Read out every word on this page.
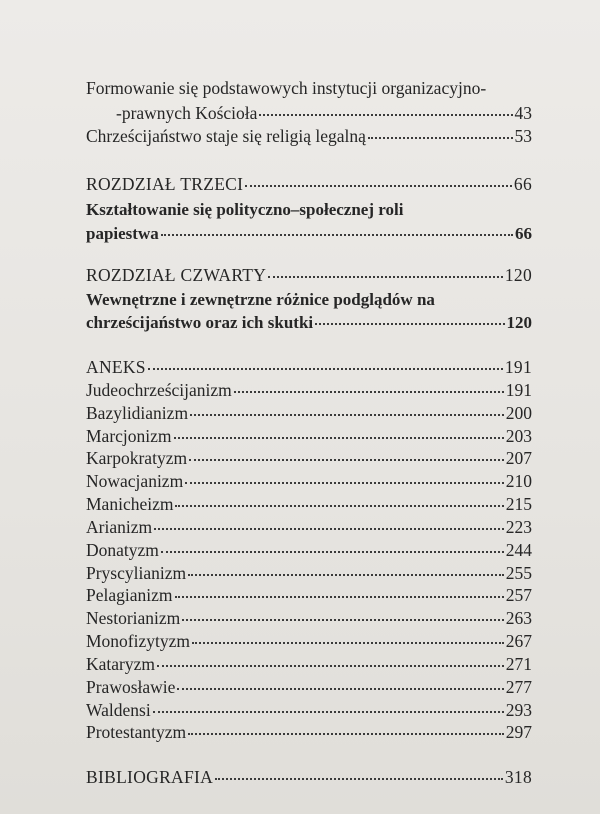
Formowanie się podstawowych instytucji organizacyjno-
-prawnych Kościoła	43
Chrześcijaństwo staje się religią legalną	53
ROZDZIAŁ TRZECI	66
Kształtowanie się polityczno–społecznej roli
papiestwa	66
ROZDZIAŁ CZWARTY	120
Wewnętrzne i zewnętrzne różnice podglądów na
chrześcijaństwo oraz ich skutki	120
ANEKS	191
Judeochrześcijanizm	191
Bazylidianizm	200
Marcjonizm	203
Karpokratyzm	207
Nowacjanizm	210
Manicheizm	215
Arianizm	223
Donatyzm	244
Pryscylianizm	255
Pelagianizm	257
Nestorianizm	263
Monofizytyzm	267
Kataryzm	271
Prawosławie	277
Waldensi	293
Protestantyzm	297
BIBLIOGRAFIA	318
